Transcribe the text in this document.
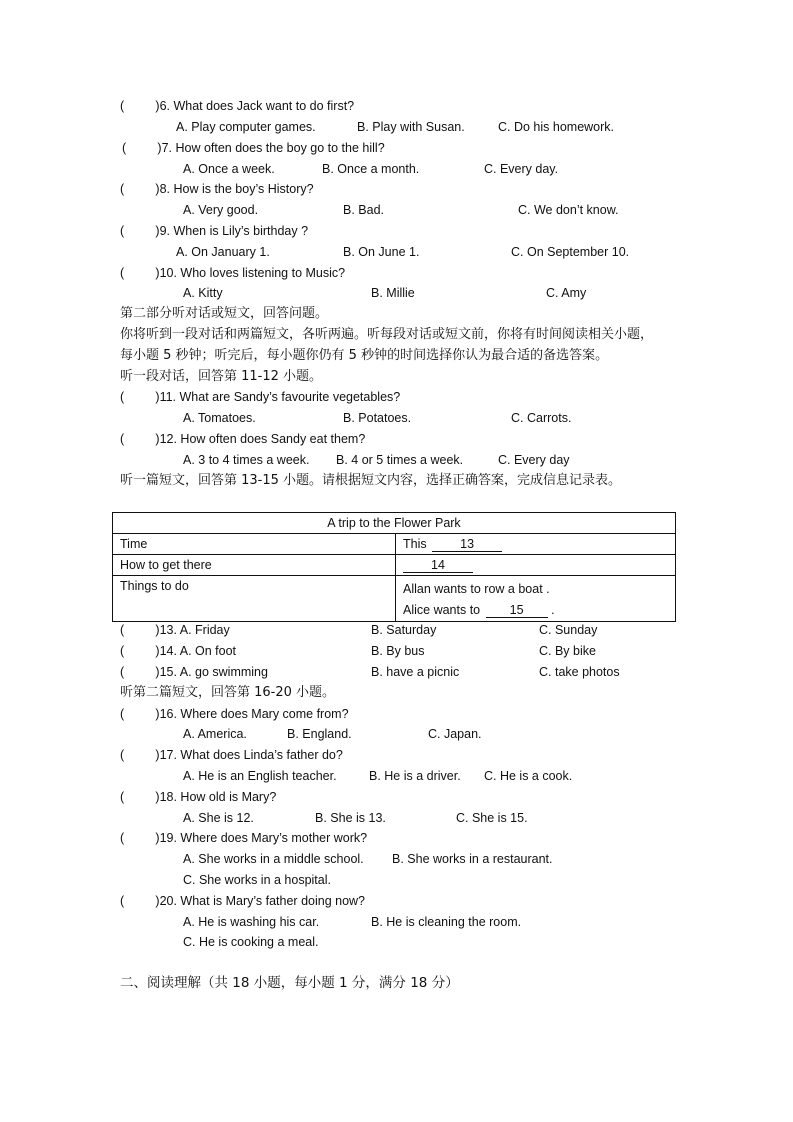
(         )6. What does Jack want to do first?
A. Play computer games.	B. Play with Susan.	C. Do his homework.
(         )7. How often does the boy go to the hill?
A. Once a week.	B. Once a month.	C. Every day.
(         )8. How is the boy’s History?
A. Very good.	B. Bad.	C. We don’t know.
(         )9. When is Lily’s birthday ?
A. On January 1.	B. On June 1.	C. On September 10.
(         )10. Who loves listening to Music?
A. Kitty	B. Millie	C. Amy
第二部分听对话或短文，回答问题。
你将听到一段对话和两篇短文，各听两遍。听每段对话或短文前，你将有时间阅读相关小题，
每小题 5 秒钟；听完后，每小题你仍有 5 秒钟的时间选择你认为最合适的备选答案。
听一段对话，回答第 11-12 小题。
(         )11. What are Sandy’s favourite vegetables?
A. Tomatoes.	B. Potatoes.	C. Carrots.
(         )12. How often does Sandy eat them?
A. 3 to 4 times a week. B. 4 or 5 times a week.	C. Every day
听一篇短文，回答第 13-15 小题。请根据短文内容，选择正确答案，完成信息记录表。
A trip to the Flower Park	
Time	This 13
How to get there	14
Things to do	Allan wants to row a boat .
Alice wants to 15 .
(         )13. A. Friday	B. Saturday	C. Sunday
(         )14. A. On foot	B. By bus	C. By bike
(         )15. A. go swimming	B. have a picnic	C. take photos
听第二篇短文，回答第 16-20 小题。
(         )16. Where does Mary come from?
A. America.	B. England.	C. Japan.
(         )17. What does Linda’s father do?
A. He is an English teacher.	B. He is a driver. C. He is a cook.
(         )18. How old is Mary?
A. She is 12.	B. She is 13.	C. She is 15.
(         )19. Where does Mary’s mother work?
A. She works in a middle school. B. She works in a restaurant.
C. She works in a hospital.
(         )20. What is Mary’s father doing now?
A. He is washing his car.	B. He is cleaning the room.
C. He is cooking a meal.
二、阅读理解（共 18 小题，每小题 1 分，满分 18 分）
